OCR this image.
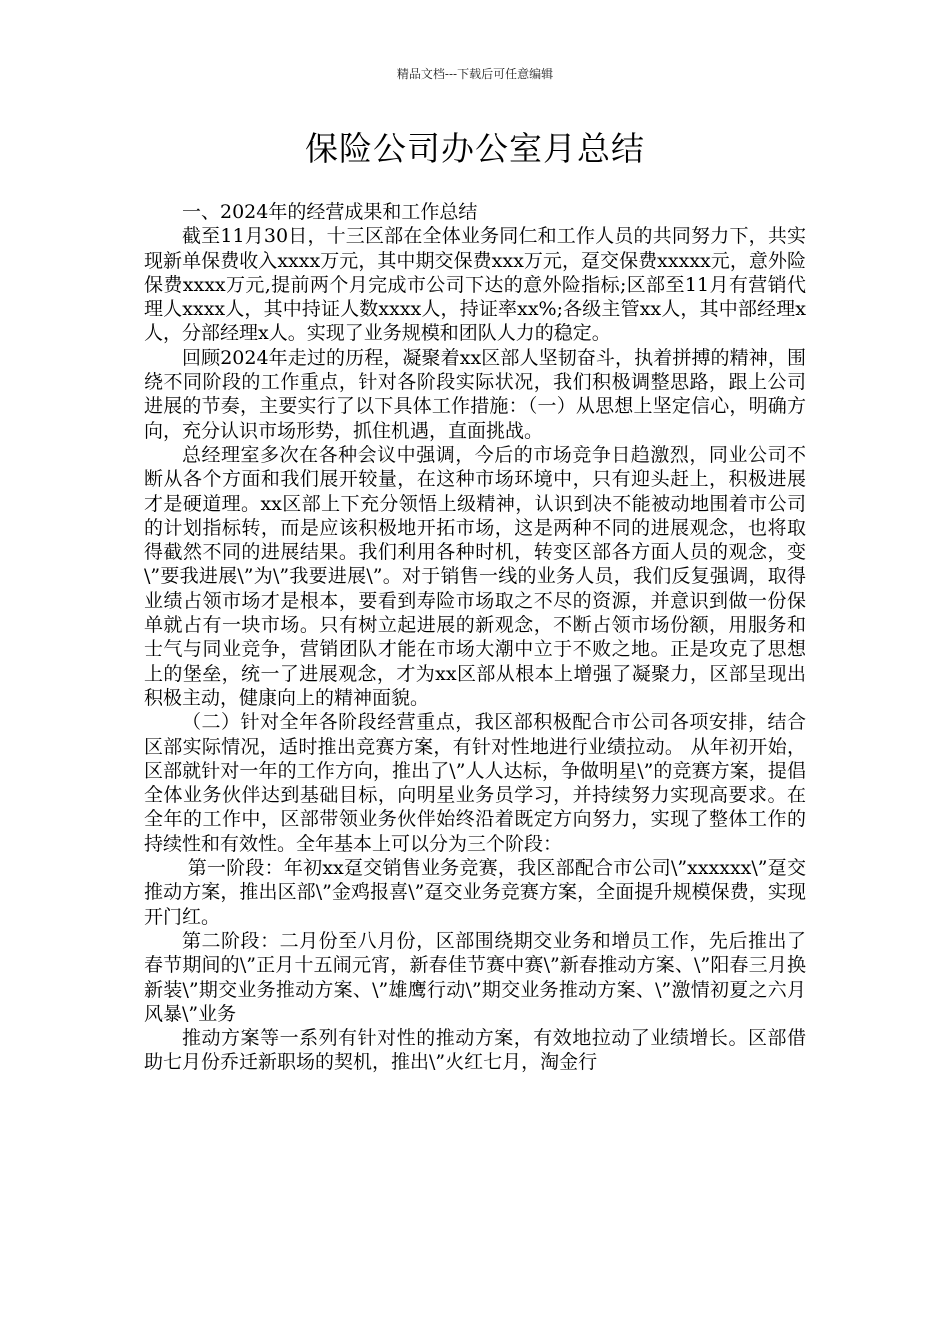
精品文档---下载后可任意编辑
保险公司办公室月总结

一、2024年的经营成果和工作总结

截至11月30日，十三区部在全体业务同仁和工作人员的共同努力下，共实现新单保费收入xxxx万元，其中期交保费xxx万元，趸交保费xxxxx元，意外险保费xxxx万元,提前两个月完成市公司下达的意外险指标;区部至11月有营销代理人xxxx人，其中持证人数xxxx人，持证率xx%;各级主管xx人，其中部经理x人，分部经理x人。实现了业务规模和团队人力的稳定。

回顾2024年走过的历程，凝聚着xx区部人坚韧奋斗，执着拼搏的精神，围绕不同阶段的工作重点，针对各阶段实际状况，我们积极调整思路，跟上公司进展的节奏，主要实行了以下具体工作措施：（一）从思想上坚定信心，明确方向，充分认识市场形势，抓住机遇，直面挑战。

总经理室多次在各种会议中强调，今后的市场竞争日趋激烈，同业公司不断从各个方面和我们展开较量，在这种市场环境中，只有迎头赶上，积极进展才是硬道理。xx区部上下充分领悟上级精神，认识到决不能被动地围着市公司的计划指标转，而是应该积极地开拓市场，这是两种不同的进展观念，也将取得截然不同的进展结果。我们利用各种时机，转变区部各方面人员的观念，变\”要我进展\”为\”我要进展\”。对于销售一线的业务人员，我们反复强调，取得业绩占领市场才是根本，要看到寿险市场取之不尽的资源，并意识到做一份保单就占有一块市场。只有树立起进展的新观念，不断占领市场份额，用服务和士气与同业竞争，营销团队才能在市场大潮中立于不败之地。正是攻克了思想上的堡垒，统一了进展观念，才为xx区部从根本上增强了凝聚力，区部呈现出积极主动，健康向上的精神面貌。

（二）针对全年各阶段经营重点，我区部积极配合市公司各项安排，结合区部实际情况，适时推出竞赛方案，有针对性地进行业绩拉动。 从年初开始，区部就针对一年的工作方向，推出了\”人人达标，争做明星\”的竞赛方案，提倡全体业务伙伴达到基础目标，向明星业务员学习，并持续努力实现高要求。在全年的工作中，区部带领业务伙伴始终沿着既定方向努力，实现了整体工作的持续性和有效性。全年基本上可以分为三个阶段：

第一阶段：年初xx趸交销售业务竞赛，我区部配合市公司\”xxxxxx\”趸交推动方案，推出区部\”金鸡报喜\”趸交业务竞赛方案，全面提升规模保费，实现开门红。

第二阶段：二月份至八月份，区部围绕期交业务和增员工作，先后推出了春节期间的\”正月十五闹元宵，新春佳节赛中赛\”新春推动方案、\”阳春三月换新装\”期交业务推动方案、\”雄鹰行动\”期交业务推动方案、\”激情初夏之六月风暴\”业务

推动方案等一系列有针对性的推动方案，有效地拉动了业绩增长。区部借助七月份乔迁新职场的契机，推出\”火红七月，淘金行
